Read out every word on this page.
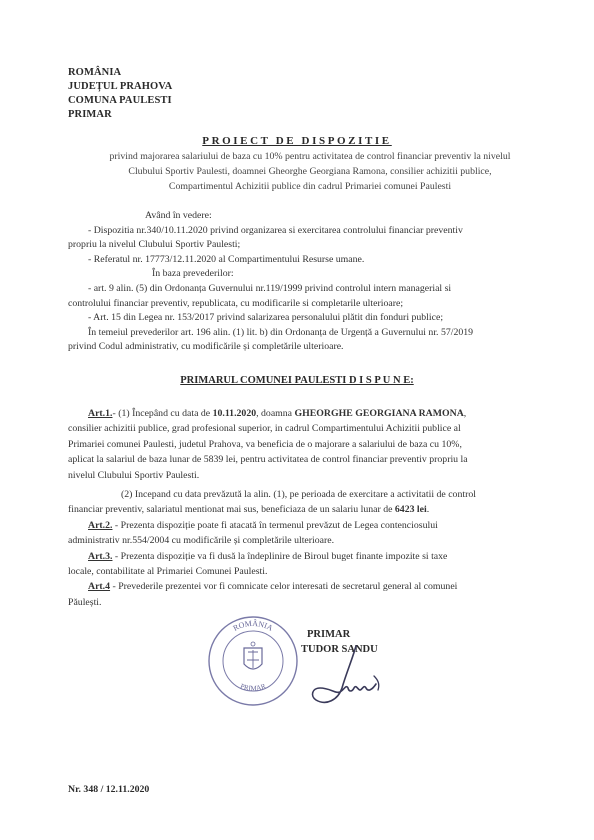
ROMÂNIA
JUDEȚUL PRAHOVA
COMUNA PAULESTI
PRIMAR
PROIECT DE DISPOZITIE
privind majorarea salariului de baza cu 10% pentru activitatea de control financiar preventiv la nivelul
Clubului Sportiv Paulesti, doamnei Gheorghe Georgiana Ramona, consilier achizitii publice,
Compartimentul Achizitii publice din cadrul Primariei comunei Paulesti
Având în vedere:
- Dispozitia nr.340/10.11.2020 privind organizarea si exercitarea controlului financiar preventiv
propriu la nivelul Clubului Sportiv Paulesti;
- Referatul nr. 17773/12.11.2020 al Compartimentului Resurse umane.
În baza prevederilor:
- art. 9 alin. (5) din Ordonanța Guvernului nr.119/1999 privind controlul intern managerial si
controlului financiar preventiv, republicata, cu modificarile si completarile ulterioare;
- Art. 15 din Legea nr. 153/2017 privind salarizarea personalului plătit din fonduri publice;
În temeiul prevederilor art. 196 alin. (1) lit. b) din Ordonanța de Urgență a Guvernului nr. 57/2019
privind Codul administrativ, cu modificările și completările ulterioare.
PRIMARUL COMUNEI PAULESTI D I S P U N E:
Art.1.- (1) Începând cu data de 10.11.2020, doamna GHEORGHE GEORGIANA RAMONA,
consilier achizitii publice, grad profesional superior, in cadrul Compartimentului Achizitii publice al
Primariei comunei Paulesti, judetul Prahova, va beneficia de o majorare a salariului de baza cu 10%,
aplicat la salariul de baza lunar de 5839 lei, pentru activitatea de control financiar preventiv propriu la
nivelul Clubului Sportiv Paulesti.
(2) Incepand cu data prevăzută la alin. (1), pe perioada de exercitare a activitatii de control
financiar preventiv, salariatul mentionat mai sus, beneficiaza de un salariu lunar de 6423 lei.
Art.2. - Prezenta dispoziție poate fi atacată în termenul prevăzut de Legea contenciosului
administrativ nr.554/2004 cu modificările și completările ulterioare.
Art.3. - Prezenta dispoziție va fi dusă la îndeplinire de Biroul buget finante impozite si taxe
locale, contabilitate al Primariei Comunei Paulesti.
Art.4 - Prevederile prezentei vor fi comnicate celor interesati de secretarul general al comunei
Păulești.
ROMÂNIA
PRIMAR
PRIMAR
TUDOR SANDU
Nr. 348 / 12.11.2020
